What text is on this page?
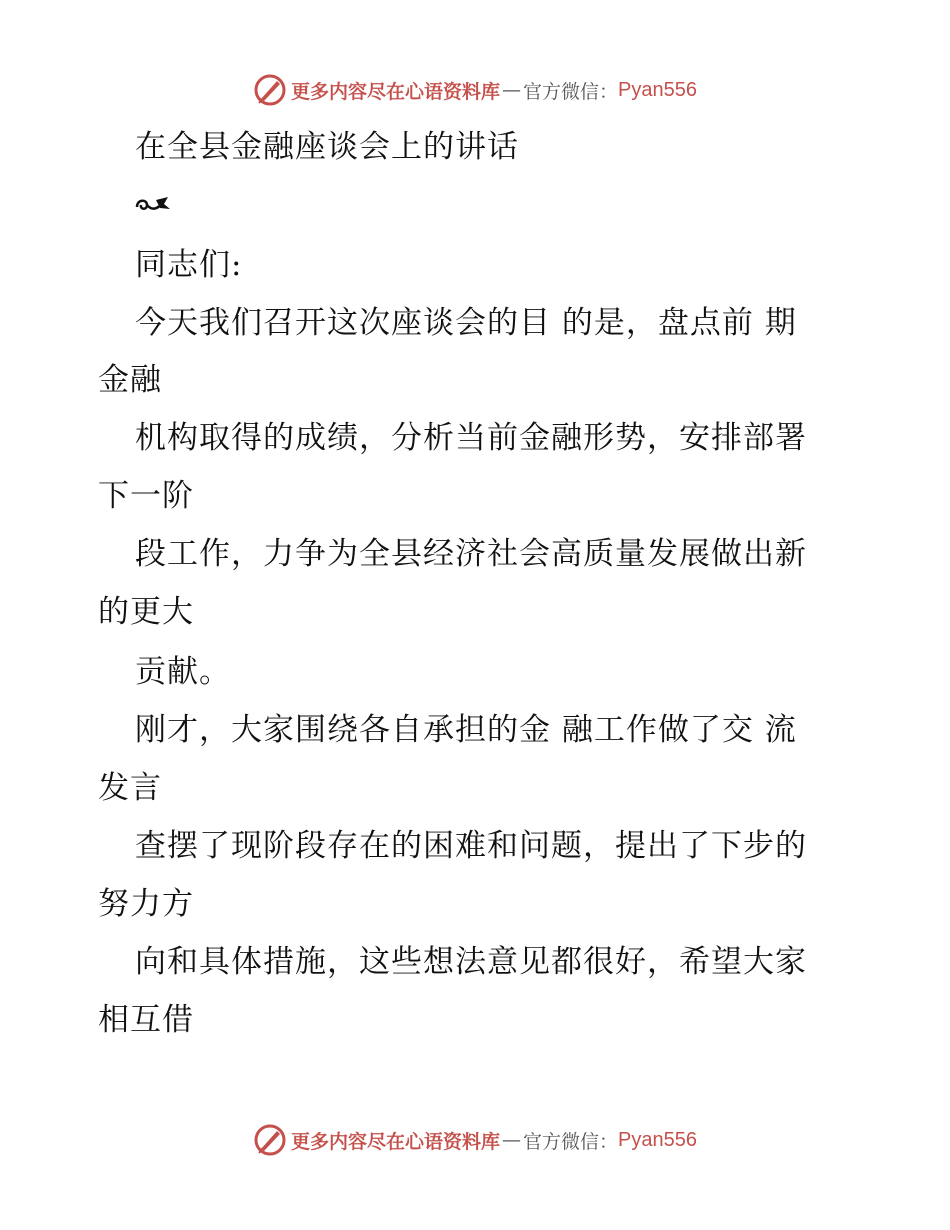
更多内容尽在心语资料库 — 官方微信： Pyan556
在全县金融座谈会上的讲话
同志们:
今天我们召开这次座谈会的目 的是，盘点前 期
金融
机构取得的成绩，分析当前金融形势，安排部署
下一阶
段工作，力争为全县经济社会高质量发展做出新
的更大
贡献。
刚才，大家围绕各自承担的金 融工作做了交 流
发言
查摆了现阶段存在的困难和问题，提出了下步的
努力方
向和具体措施，这些想法意见都很好，希望大家
相互借
更多内容尽在心语资料库 — 官方微信： Pyan556
